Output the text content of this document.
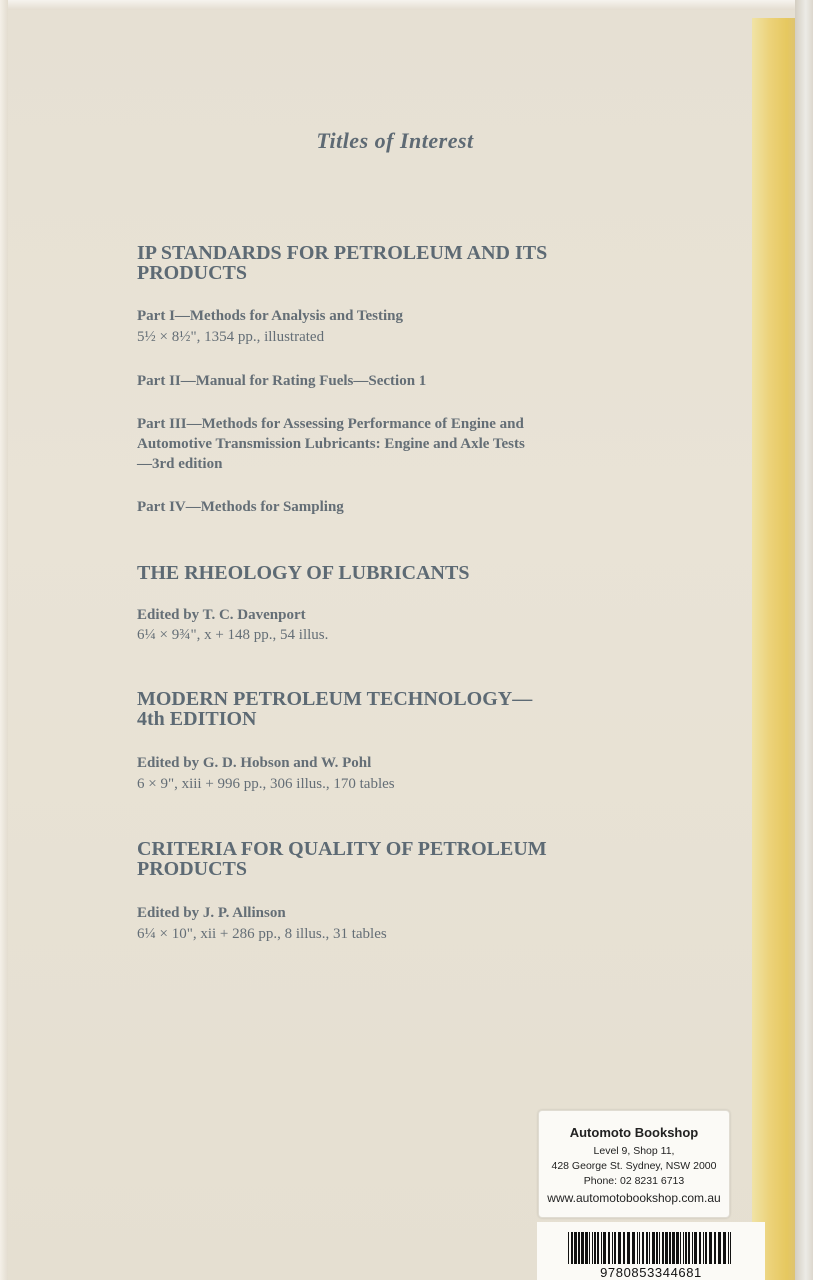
Titles of Interest
IP STANDARDS FOR PETROLEUM AND ITS
PRODUCTS
Part I—Methods for Analysis and Testing
5½ × 8½", 1354 pp., illustrated
Part II—Manual for Rating Fuels—Section 1
Part III—Methods for Assessing Performance of Engine and
Automotive Transmission Lubricants: Engine and Axle Tests
—3rd edition
Part IV—Methods for Sampling
THE RHEOLOGY OF LUBRICANTS
Edited by T. C. Davenport
6¼ × 9¾", x + 148 pp., 54 illus.
MODERN PETROLEUM TECHNOLOGY—
4th EDITION
Edited by G. D. Hobson and W. Pohl
6 × 9", xiii + 996 pp., 306 illus., 170 tables
CRITERIA FOR QUALITY OF PETROLEUM
PRODUCTS
Edited by J. P. Allinson
6¼ × 10", xii + 286 pp., 8 illus., 31 tables
Automoto Bookshop
Level 9, Shop 11,
428 George St. Sydney, NSW 2000
Phone: 02 8231 6713
www.automotobookshop.com.au
9780853344681
